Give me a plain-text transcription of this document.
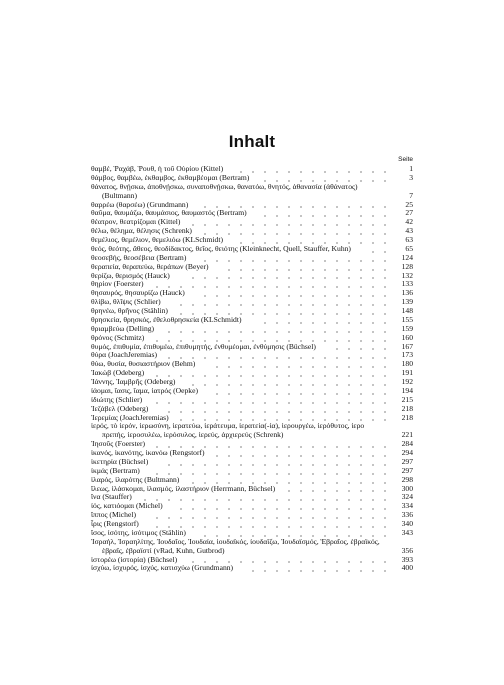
Inhalt
Seite
θαμβέ, Ῥαχάβ, Ῥουθ, ἡ τοῦ Οὐρίου (Kittel)	1
θάμβος, θαμβέω, ἐκθαμβος, ἐκθαμβέομαι (Bertram)	3
θάνατος, θνῄσκω, ἀποθνῄσκω, συναποθνῄσκω, θανατόω, θνητός, ἀθανασία (ἀθάνατος)
(Bultmann)	7
θαρρέω (θαρσέω) (Grundmann)	25
θαῦμα, θαυμάζω, θαυμάσιος, θαυμαστός (Bertram)	27
θέατρον, θεατρίζομαι (Kittel)	42
θέλω, θέλημα, θέλησις (Schrenk)	43
θεμέλιος, θεμέλιον, θεμελιόω (KLSchmidt)	63
θεός, θεότης, ἄθεος, θεοδίδακτος, θεῖος, θειότης (Kleinknecht, Quell, Stauffer, Kuhn)	65
θεοσεβής, θεοσέβεια (Bertram)	124
θεραπεία, θεραπεύω, θεράπων (Beyer)	128
θερίζω, θερισμός (Hauck)	132
θηρίον (Foerster)	133
θησαυρός, θησαυρίζω (Hauck)	136
θλίβω, θλῖψις (Schlier)	139
θρηνέω, θρῆνος (Stählin)	148
θρησκεία, θρησκός, ἐθελοθρησκεία (KLSchmidt)	155
θριαμβεύω (Delling)	159
θρόνος (Schmitz)	160
θυμός, ἐπιθυμία, ἐπιθυμέω, ἐπιθυμητής, ἐνθυμέομαι, ἐνθύμησις (Büchsel)	167
θύρα (JoachJeremias)	173
θύω, θυσία, θυσιαστήριον (Behm)	180
Ἰακώβ (Odeberg)	191
Ἰάννης, Ἰαμβρῆς (Odeberg)	192
ἰάομαι, ἴασις, ἴαμα, ἰατρός (Oepke)	194
ἰδιώτης (Schlier)	215
Ἰεζάβελ (Odeberg)	218
Ἰερεμίας (JoachJeremias)	218
ἱερός, τὸ ἱερόν, ἱερωσύνη, ἱερατεύω, ἱεράτευμα, ἱερατεία(-ία), ἱερουργέω, ἱερόθυτος, ἱερο
πρεπής, ἱεροσυλέω, ἱερόσυλος, ἱερεύς, ἀρχιερεύς (Schrenk)	221
Ἰησοῦς (Foerster)	284
ἱκανός, ἱκανότης, ἱκανόω (Rengstorf)	294
ἱκετηρία (Büchsel)	297
ἰκμάς (Bertram)	297
ἱλαρός, ἱλαρότης (Bultmann)	298
ἵλεως, ἱλάσκομαι, ἱλασμός, ἱλαστήριον (Herrmann, Büchsel)	300
ἵνα (Stauffer)	324
ἰός, κατιόομαι (Michel)	334
ἵππος (Michel)	336
ἶρις (Rengstorf)	340
ἴσος, ἰσότης, ἰσότιμος (Stählin)	343
Ἰσραήλ, Ἰσραηλίτης, Ἰουδαῖος, Ἰουδαία, ἰουδαϊκός, ἰουδαΐζω, Ἰουδαϊσμός, Ἑβραῖος, ἑβραϊκός,
ἑβραΐς, ἑβραϊστί (vRad, Kuhn, Gutbrod)	356
ἱστορέω (ἱστορία) (Büchsel)	393
ἰσχύω, ἰσχυρός, ἰσχύς, κατισχύω (Grundmann)	400
